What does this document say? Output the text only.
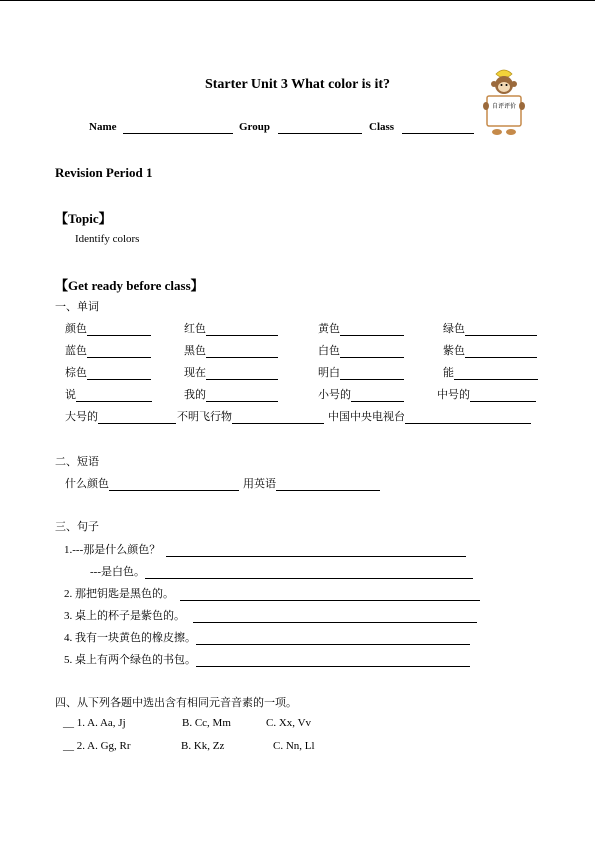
Starter Unit 3 What color is it?
自评评价
Name	Group	Class
Revision Period 1
【Topic】
Identify colors
【Get ready before class】
一、单词
颜色	红色	黄色	绿色
蓝色	黑色	白色	紫色
棕色	现在	明白	能
说	我的	小号的	中号的
大号的	不明飞行物	中国中央电视台
二、短语
什么颜色	用英语
三、句子
1.---那是什么颜色？
---是白色。
2. 那把钥匙是黑色的。
3. 桌上的杯子是紫色的。
4. 我有一块黄色的橡皮擦。
5. 桌上有两个绿色的书包。
四、从下列各题中选出含有相同元音音素的一项。
__ 1. A. Aa, Jj	B. Cc, Mm	C. Xx, Vv
__ 2. A. Gg, Rr	B. Kk, Zz	C. Nn, Ll
